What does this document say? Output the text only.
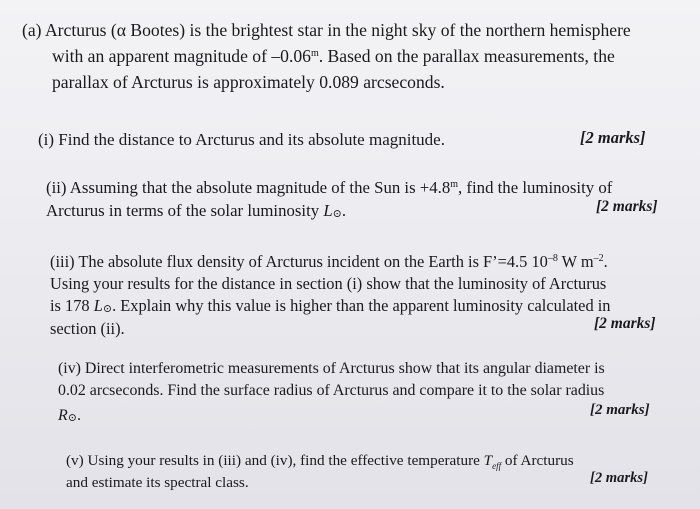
(a) Arcturus (α Bootes) is the brightest star in the night sky of the northern hemisphere
with an apparent magnitude of –0.06$^m$. Based on the parallax measurements, the
parallax of Arcturus is approximately 0.089 arcseconds.
(i) Find the distance to Arcturus and its absolute magnitude.	[2 marks]
(ii) Assuming that the absolute magnitude of the Sun is $+4.8^m$, find the luminosity of
Arcturus in terms of the solar luminosity L⊙.	[2 marks]
(iii) The absolute flux density of Arcturus incident on the Earth is F’=4.5 $10^{-8}$ W $m^{-2}$.
Using your results for the distance in section (i) show that the luminosity of Arcturus
is 178 L⊙. Explain why this value is higher than the apparent luminosity calculated in
section (ii).	[2 marks]
(iv) Direct interferometric measurements of Arcturus show that its angular diameter is
0.02 arcseconds. Find the surface radius of Arcturus and compare it to the solar radius
R⊙.	[2 marks]
(v) Using your results in (iii) and (iv), find the effective temperature $T_{eff}$ of Arcturus
and estimate its spectral class.	[2 marks]
